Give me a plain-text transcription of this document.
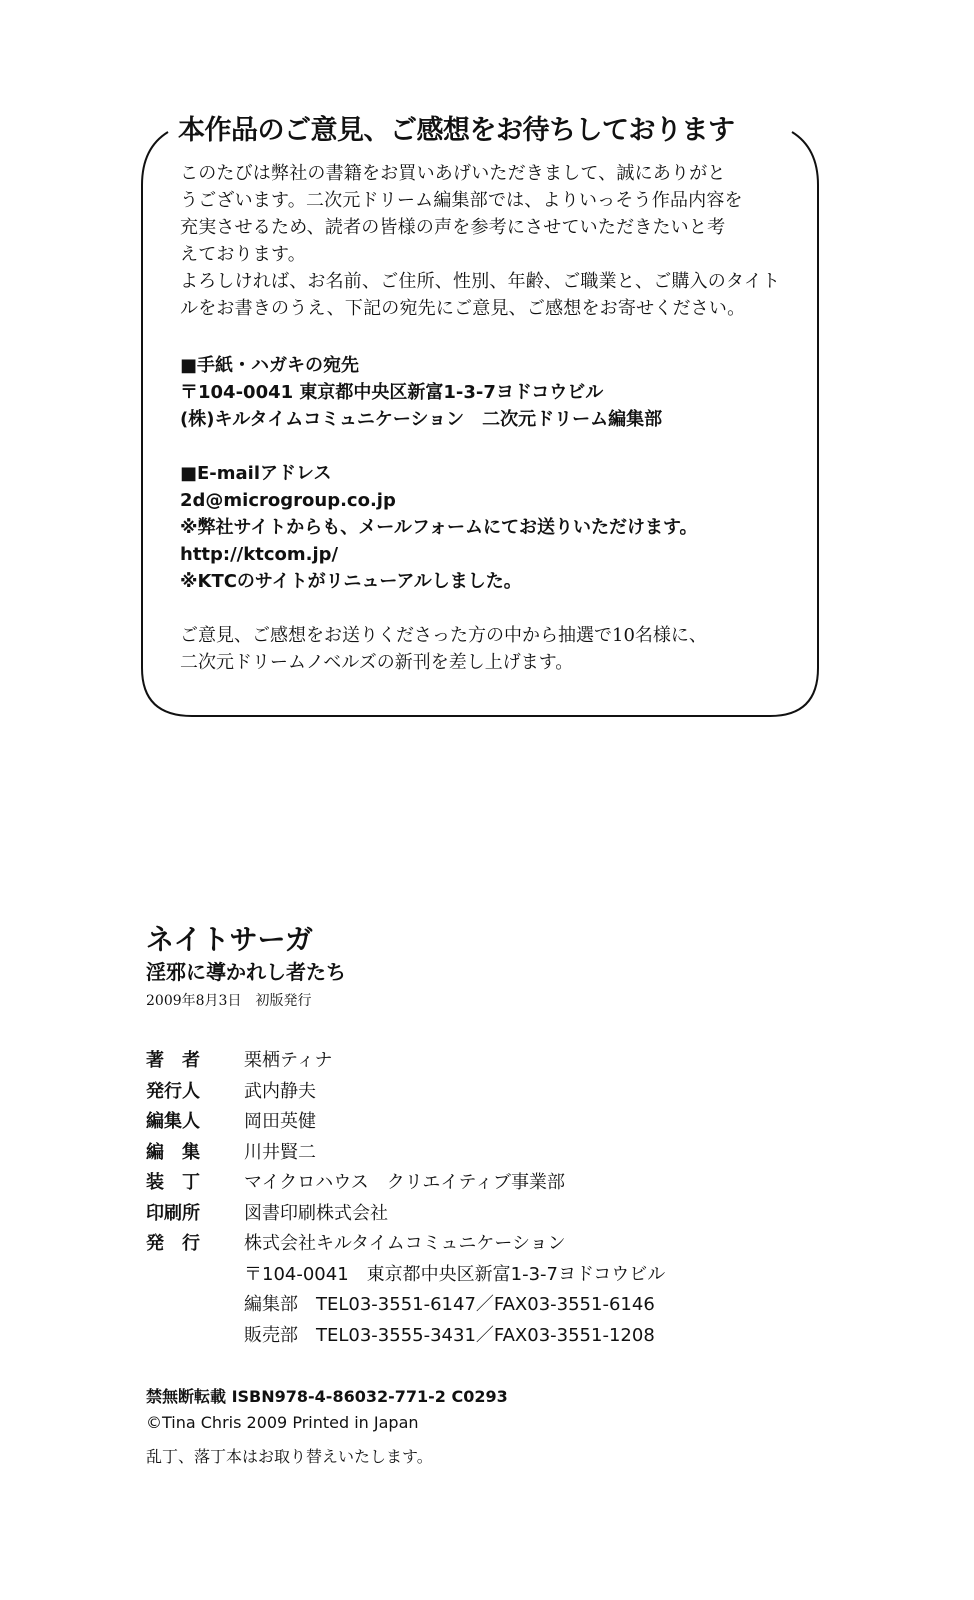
本作品のご意見、ご感想をお待ちしております

このたびは弊社の書籍をお買いあげいただきまして、誠にありがと

うございます。二次元ドリーム編集部では、よりいっそう作品内容を

充実させるため、読者の皆様の声を参考にさせていただきたいと考

えております。

よろしければ、お名前、ご住所、性別、年齢、ご職業と、ご購入のタイト

ルをお書きのうえ、下記の宛先にご意見、ご感想をお寄せください。

■手紙・ハガキの宛先

〒104-0041 東京都中央区新富1-3-7ヨドコウビル

(株)キルタイムコミュニケーション　二次元ドリーム編集部

■E-mailアドレス

2d@microgroup.co.jp

※弊社サイトからも、メールフォームにてお送りいただけます。

http://ktcom.jp/

※KTCのサイトがリニューアルしました。

ご意見、ご感想をお送りくださった方の中から抽選で10名様に、

二次元ドリームノベルズの新刊を差し上げます。

ネイトサーガ
淫邪に導かれし者たち
2009年8月3日　初版発行
著　者	栗栖ティナ
発行人	武内静夫
編集人	岡田英健
編　集	川井賢二
装　丁	マイクロハウス　クリエイティブ事業部
印刷所	図書印刷株式会社
発　行	株式会社キルタイムコミュニケーション
〒104-0041　東京都中央区新富1-3-7ヨドコウビル
編集部　TEL03-3551-6147／FAX03-3551-6146
販売部　TEL03-3555-3431／FAX03-3551-1208

禁無断転載 ISBN978-4-86032-771-2 C0293

©Tina Chris 2009 Printed in Japan

乱丁、落丁本はお取り替えいたします。
